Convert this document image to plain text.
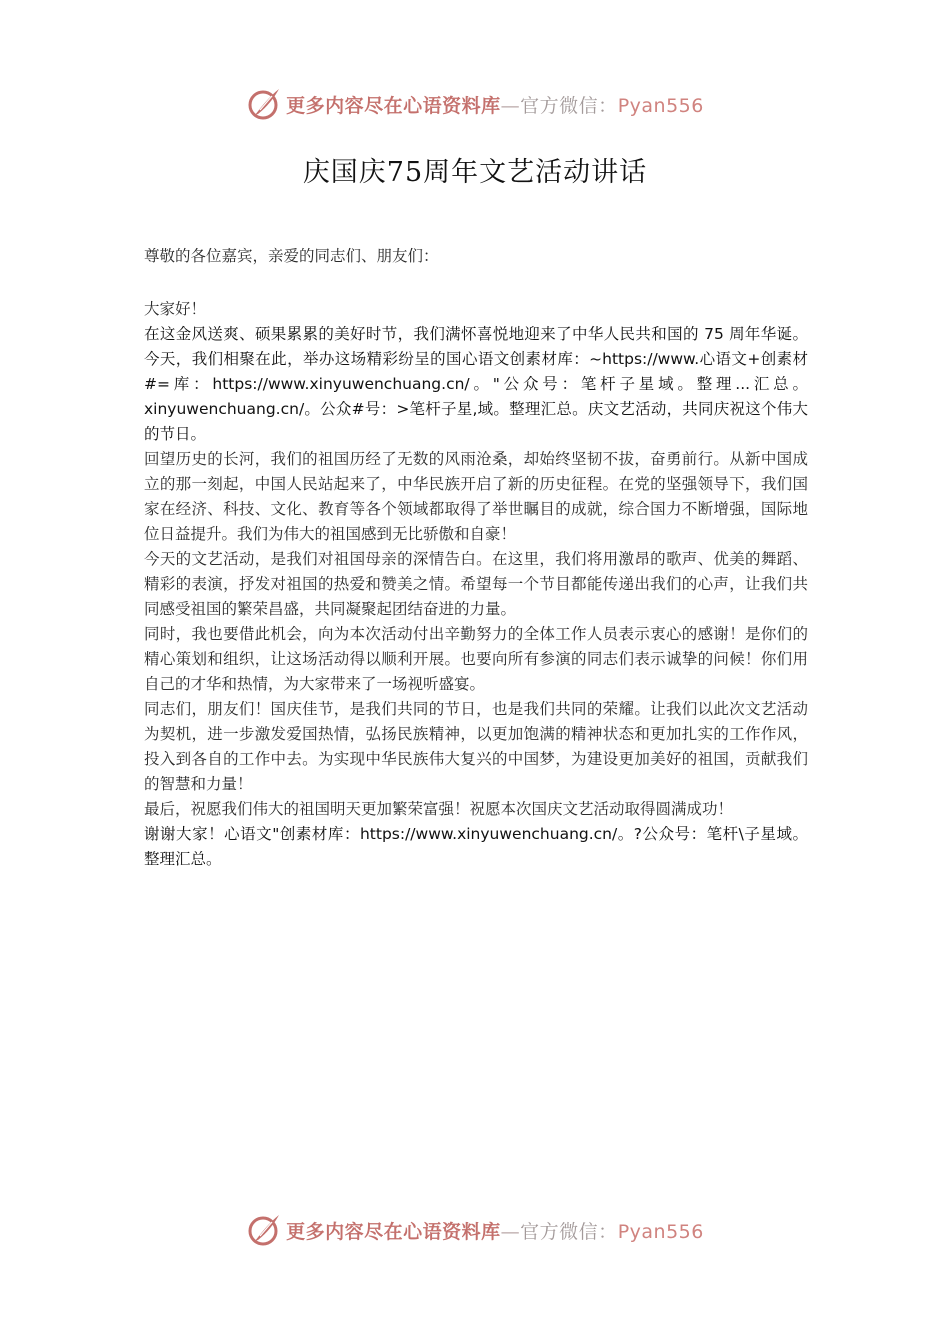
更多内容尽在心语资料库—官方微信：Pyan556
庆国庆75周年文艺活动讲话

尊敬的各位嘉宾，亲爱的同志们、朋友们：

大家好！

在这金风送爽、硕果累累的美好时节，我们满怀喜悦地迎来了中华人民共和国的 75 周年华诞。今天，我们相聚在此，举办这场精彩纷呈的国心语文创素材库：~https://www.心语文+创素材#=库：https://www.xinyuwenchuang.cn/。"公众号：笔杆子星域。整理...汇总。xinyuwenchuang.cn/。公众#号：>笔杆子星,域。整理汇总。庆文艺活动，共同庆祝这个伟大的节日。

回望历史的长河，我们的祖国历经了无数的风雨沧桑，却始终坚韧不拔，奋勇前行。从新中国成立的那一刻起，中国人民站起来了，中华民族开启了新的历史征程。在党的坚强领导下，我们国家在经济、科技、文化、教育等各个领域都取得了举世瞩目的成就，综合国力不断增强，国际地位日益提升。我们为伟大的祖国感到无比骄傲和自豪！

今天的文艺活动，是我们对祖国母亲的深情告白。在这里，我们将用激昂的歌声、优美的舞蹈、精彩的表演，抒发对祖国的热爱和赞美之情。希望每一个节目都能传递出我们的心声，让我们共同感受祖国的繁荣昌盛，共同凝聚起团结奋进的力量。

同时，我也要借此机会，向为本次活动付出辛勤努力的全体工作人员表示衷心的感谢！是你们的精心策划和组织，让这场活动得以顺利开展。也要向所有参演的同志们表示诚挚的问候！你们用自己的才华和热情，为大家带来了一场视听盛宴。

同志们，朋友们！国庆佳节，是我们共同的节日，也是我们共同的荣耀。让我们以此次文艺活动为契机，进一步激发爱国热情，弘扬民族精神，以更加饱满的精神状态和更加扎实的工作作风，投入到各自的工作中去。为实现中华民族伟大复兴的中国梦，为建设更加美好的祖国，贡献我们的智慧和力量！

最后，祝愿我们伟大的祖国明天更加繁荣富强！祝愿本次国庆文艺活动取得圆满成功！

谢谢大家！心语文"创素材库：https://www.xinyuwenchuang.cn/。?公众号：笔杆\子星域。整理汇总。

更多内容尽在心语资料库—官方微信：Pyan556
